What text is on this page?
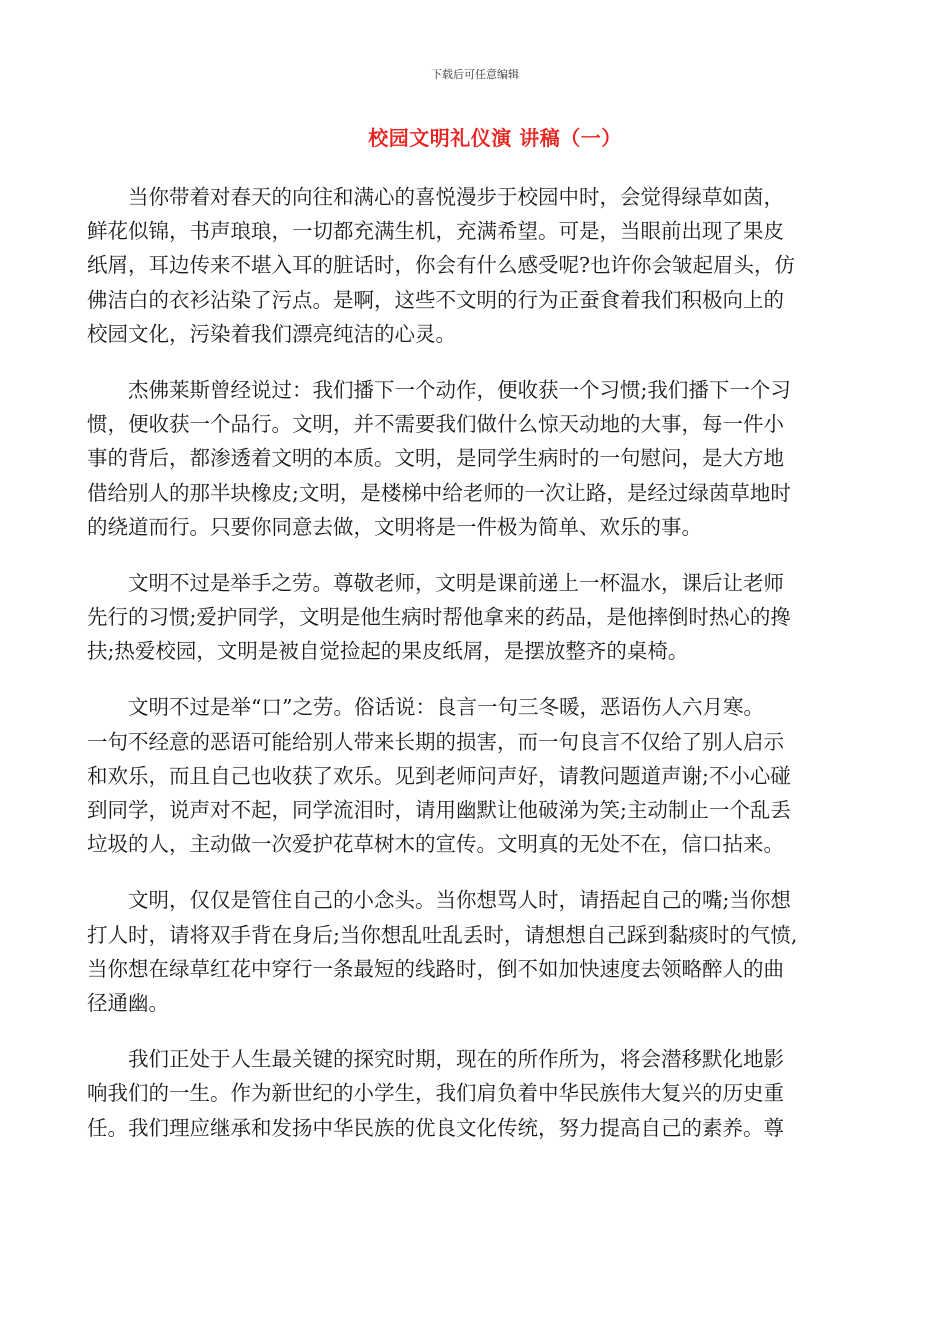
下载后可任意编辑
校园文明礼仪演 讲稿（一）
　　当你带着对春天的向往和满心的喜悦漫步于校园中时，会觉得绿草如茵，
鲜花似锦，书声琅琅，一切都充满生机，充满希望。可是，当眼前出现了果皮
纸屑，耳边传来不堪入耳的脏话时，你会有什么感受呢?也许你会皱起眉头，仿
佛洁白的衣衫沾染了污点。是啊，这些不文明的行为正蚕食着我们积极向上的
校园文化，污染着我们漂亮纯洁的心灵。
　　杰佛莱斯曾经说过：我们播下一个动作，便收获一个习惯;我们播下一个习
惯，便收获一个品行。文明，并不需要我们做什么惊天动地的大事，每一件小
事的背后，都渗透着文明的本质。文明，是同学生病时的一句慰问，是大方地
借给别人的那半块橡皮;文明，是楼梯中给老师的一次让路，是经过绿茵草地时
的绕道而行。只要你同意去做，文明将是一件极为简单、欢乐的事。
　　文明不过是举手之劳。尊敬老师，文明是课前递上一杯温水，课后让老师
先行的习惯;爱护同学，文明是他生病时帮他拿来的药品，是他摔倒时热心的搀
扶;热爱校园，文明是被自觉捡起的果皮纸屑，是摆放整齐的桌椅。
　　文明不过是举“口”之劳。俗话说：良言一句三冬暖，恶语伤人六月寒。
一句不经意的恶语可能给别人带来长期的损害，而一句良言不仅给了别人启示
和欢乐，而且自己也收获了欢乐。见到老师问声好，请教问题道声谢;不小心碰
到同学，说声对不起，同学流泪时，请用幽默让他破涕为笑;主动制止一个乱丢
垃圾的人，主动做一次爱护花草树木的宣传。文明真的无处不在，信口拈来。
　　文明，仅仅是管住自己的小念头。当你想骂人时，请捂起自己的嘴;当你想
打人时，请将双手背在身后;当你想乱吐乱丢时，请想想自己踩到黏痰时的气愤,
当你想在绿草红花中穿行一条最短的线路时，倒不如加快速度去领略醉人的曲
径通幽。
　　我们正处于人生最关键的探究时期，现在的所作所为，将会潜移默化地影
响我们的一生。作为新世纪的小学生，我们肩负着中华民族伟大复兴的历史重
任。我们理应继承和发扬中华民族的优良文化传统，努力提高自己的素养。尊
